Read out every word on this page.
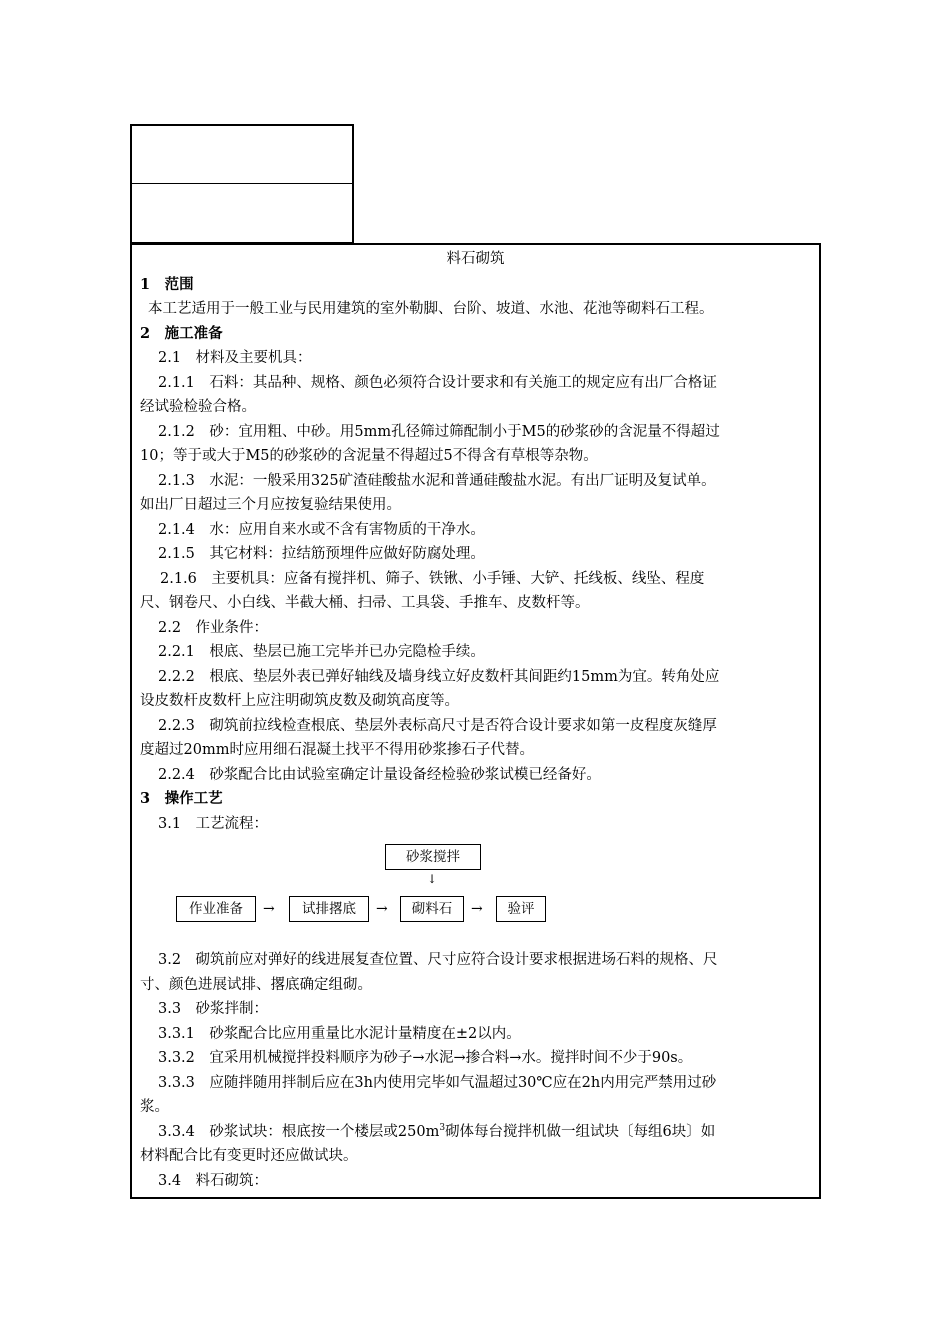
料石砌筑
1　范围
本工艺适用于一般工业与民用建筑的室外勒脚、台阶、坡道、水池、花池等砌料石工程。
2　施工准备
2.1　材料及主要机具：
2.1.1　石料：其品种、规格、颜色必须符合设计要求和有关施工的规定应有出厂合格证
经试验检验合格。
2.1.2　砂：宜用粗、中砂。用5mm孔径筛过筛配制小于M5的砂浆砂的含泥量不得超过
10；等于或大于M5的砂浆砂的含泥量不得超过5不得含有草根等杂物。
2.1.3　水泥：一般采用325矿渣硅酸盐水泥和普通硅酸盐水泥。有出厂证明及复试单。
如出厂日超过三个月应按复验结果使用。
2.1.4　水：应用自来水或不含有害物质的干净水。
2.1.5　其它材料：拉结筋预埋件应做好防腐处理。
2.1.6　主要机具：应备有搅拌机、筛子、铁锹、小手锤、大铲、托线板、线坠、程度
尺、钢卷尺、小白线、半截大桶、扫帚、工具袋、手推车、皮数杆等。
2.2　作业条件：
2.2.1　根底、垫层已施工完毕并已办完隐检手续。
2.2.2　根底、垫层外表已弹好轴线及墙身线立好皮数杆其间距约15mm为宜。转角处应
设皮数杆皮数杆上应注明砌筑皮数及砌筑高度等。
2.2.3　砌筑前拉线检查根底、垫层外表标高尺寸是否符合设计要求如第一皮程度灰缝厚
度超过20mm时应用细石混凝土找平不得用砂浆掺石子代替。
2.2.4　砂浆配合比由试验室确定计量设备经检验砂浆试模已经备好。
3　操作工艺
3.1　工艺流程：
砂浆搅拌
↓
作业准备	→	试排撂底	→	砌料石	→	验评
3.2　砌筑前应对弹好的线进展复查位置、尺寸应符合设计要求根据进场石料的规格、尺
寸、颜色进展试排、撂底确定组砌。
3.3　砂浆拌制：
3.3.1　砂浆配合比应用重量比水泥计量精度在±2以内。
3.3.2　宜采用机械搅拌投料顺序为砂子→水泥→掺合料→水。搅拌时间不少于90s。
3.3.3　应随拌随用拌制后应在3h内使用完毕如气温超过30℃应在2h内用完严禁用过砂
浆。
3.3.4　砂浆试块：根底按一个楼层或$250m^3$砌体每台搅拌机做一组试块〔每组6块〕如
材料配合比有变更时还应做试块。
3.4　料石砌筑：
